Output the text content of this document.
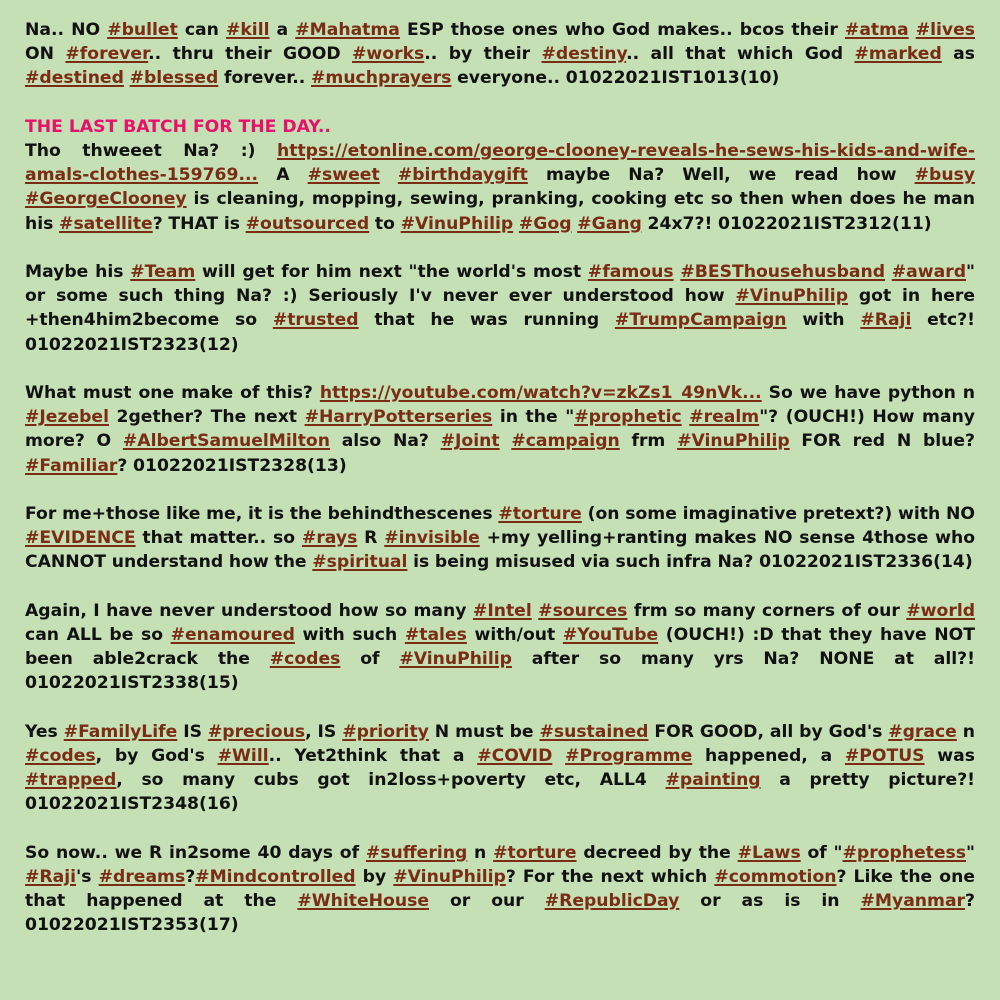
Na.. NO #bullet can #kill a #Mahatma ESP those ones who God makes.. bcos their #atma #lives ON #forever.. thru their GOOD #works.. by their #destiny.. all that which God #marked as #destined #blessed forever.. #muchprayers everyone.. 01022021IST1013(10)

THE LAST BATCH FOR THE DAY..

Tho thweeet Na? :) https://etonline.com/george-clooney-reveals-he-sews-his-kids-and-wife-amals-clothes-159769... A #sweet #birthdaygift maybe Na? Well, we read how #busy #GeorgeClooney is cleaning, mopping, sewing, pranking, cooking etc so then when does he man his #satellite? THAT is #outsourced to #VinuPhilip #Gog #Gang 24x7?! 01022021IST2312(11)

Maybe his #Team will get for him next "the world's most #famous #BESThousehusband #award" or some such thing Na? :) Seriously I'v never ever understood how #VinuPhilip got in here +then4him2become so #trusted that he was running #TrumpCampaign with #Raji etc?! 01022021IST2323(12)

What must one make of this? https://youtube.com/watch?v=zkZs1_49nVk... So we have python n #Jezebel 2gether? The next #HarryPotterseries in the "#prophetic #realm"? (OUCH!) How many more? O #AlbertSamuelMilton also Na? #Joint #campaign frm #VinuPhilip FOR red N blue? #Familiar? 01022021IST2328(13)

For me+those like me, it is the behindthescenes #torture (on some imaginative pretext?) with NO #EVIDENCE that matter.. so #rays R #invisible +my yelling+ranting makes NO sense 4those who CANNOT understand how the #spiritual is being misused via such infra Na? 01022021IST2336(14)

Again, I have never understood how so many #Intel #sources frm so many corners of our #world can ALL be so #enamoured with such #tales with/out #YouTube (OUCH!) :D that they have NOT been able2crack the #codes of #VinuPhilip after so many yrs Na? NONE at all?! 01022021IST2338(15)

Yes #FamilyLife IS #precious, IS #priority N must be #sustained FOR GOOD, all by God's #grace n #codes, by God's #Will.. Yet2think that a #COVID #Programme happened, a #POTUS was #trapped, so many cubs got in2loss+poverty etc, ALL4 #painting a pretty picture?! 01022021IST2348(16)

So now.. we R in2some 40 days of #suffering n #torture decreed by the #Laws of "#prophetess" #Raji's #dreams?#Mindcontrolled by #VinuPhilip? For the next which #commotion? Like the one that happened at the #WhiteHouse or our #RepublicDay or as is in #Myanmar? 01022021IST2353(17)
